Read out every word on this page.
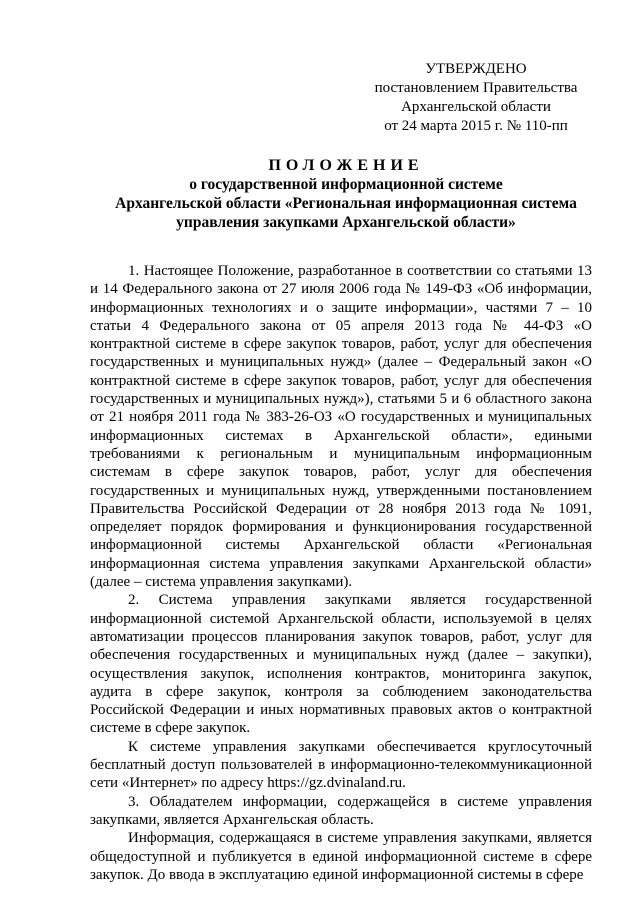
УТВЕРЖДЕНО
постановлением Правительства
Архангельской области
от 24 марта 2015 г. № 110-пп
ПОЛОЖЕНИЕ
о государственной информационной системе
Архангельской области «Региональная информационная система
управления закупками Архангельской области»
1. Настоящее Положение, разработанное в соответствии со статьями 13 и 14 Федерального закона от 27 июля 2006 года № 149-ФЗ «Об информации, информационных технологиях и о защите информации», частями 7 – 10 статьи 4 Федерального закона от 05 апреля 2013 года № 44-ФЗ «О контрактной системе в сфере закупок товаров, работ, услуг для обеспечения государственных и муниципальных нужд» (далее – Федеральный закон «О контрактной системе в сфере закупок товаров, работ, услуг для обеспечения государственных и муниципальных нужд»), статьями 5 и 6 областного закона от 21 ноября 2011 года № 383-26-ОЗ «О государственных и муниципальных информационных системах в Архангельской области», едиными требованиями к региональным и муниципальным информационным системам в сфере закупок товаров, работ, услуг для обеспечения государственных и муниципальных нужд, утвержденными постановлением Правительства Российской Федерации от 28 ноября 2013 года № 1091, определяет порядок формирования и функционирования государственной информационной системы Архангельской области «Региональная информационная система управления закупками Архангельской области» (далее – система управления закупками).
2. Система управления закупками является государственной информационной системой Архангельской области, используемой в целях автоматизации процессов планирования закупок товаров, работ, услуг для обеспечения государственных и муниципальных нужд (далее – закупки), осуществления закупок, исполнения контрактов, мониторинга закупок, аудита в сфере закупок, контроля за соблюдением законодательства Российской Федерации и иных нормативных правовых актов о контрактной системе в сфере закупок.
К системе управления закупками обеспечивается круглосуточный бесплатный доступ пользователей в информационно-телекоммуникационной сети «Интернет» по адресу https://gz.dvinaland.ru.
3. Обладателем информации, содержащейся в системе управления закупками, является Архангельская область.
Информация, содержащаяся в системе управления закупками, является общедоступной и публикуется в единой информационной системе в сфере закупок. До ввода в эксплуатацию единой информационной системы в сфере
